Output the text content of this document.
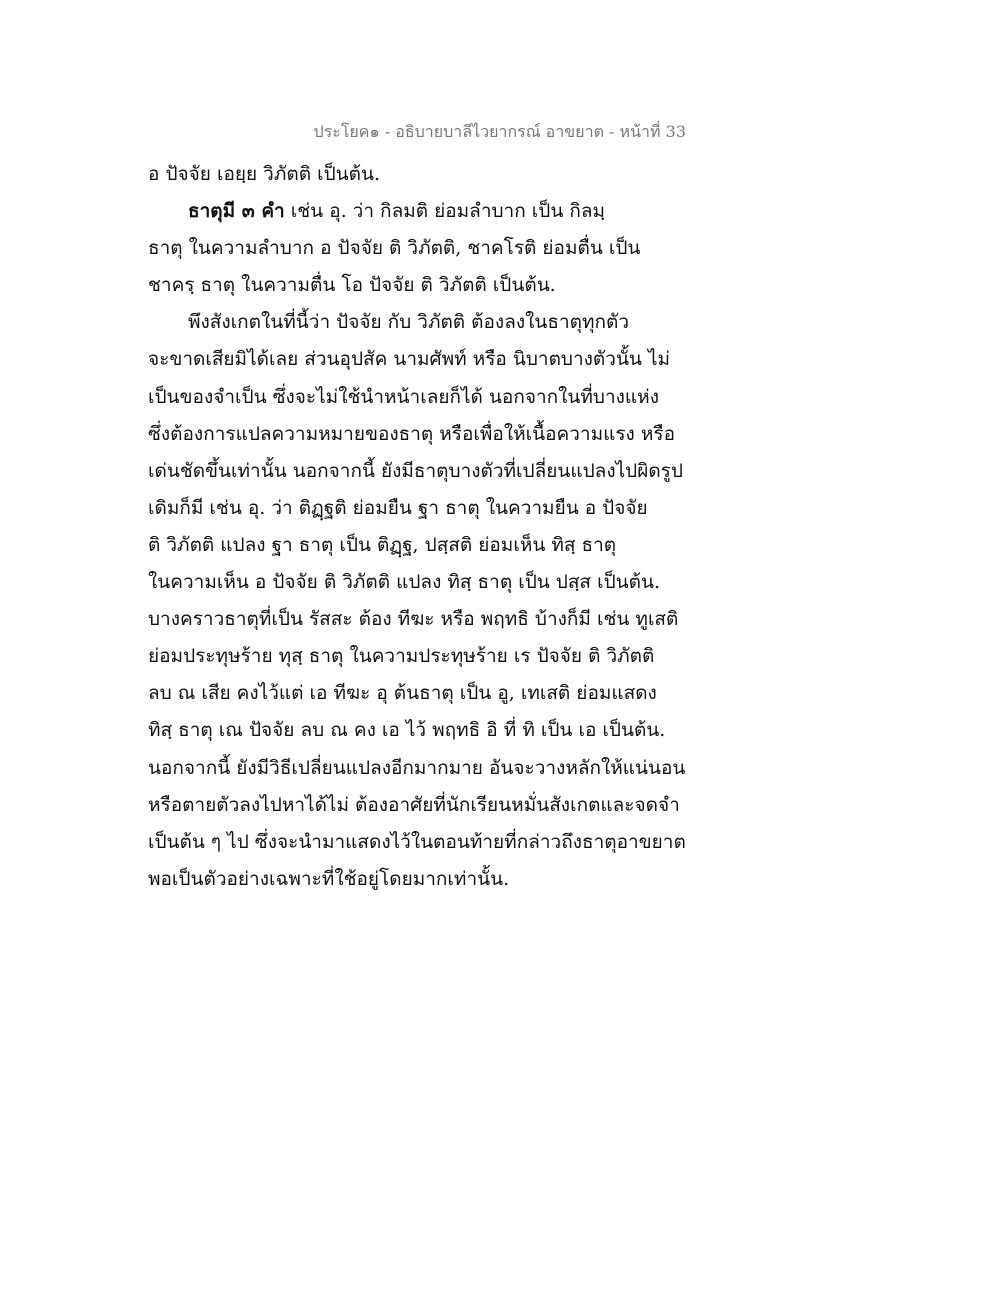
ประโยค๑ - อธิบายบาลีไวยากรณ์ อาขยาต - หน้าที่ 33
อ ปัจจัย เอยฺย วิภัตติ เป็นต้น.
ธาตุมี ๓ คำ เช่น อุ. ว่า กิลมติ ย่อมลำบาก เป็น กิลมฺ
ธาตุ ในความลำบาก อ ปัจจัย ติ วิภัตติ, ชาคโรติ ย่อมตื่น เป็น
ชาครฺ ธาตุ ในความตื่น โอ ปัจจัย ติ วิภัตติ เป็นต้น.
พึงสังเกตในที่นี้ว่า ปัจจัย กับ วิภัตติ ต้องลงในธาตุทุกตัว
จะขาดเสียมิได้เลย ส่วนอุปสัค นามศัพท์ หรือ นิบาตบางตัวนั้น ไม่
เป็นของจำเป็น ซึ่งจะไม่ใช้นำหน้าเลยก็ได้ นอกจากในที่บางแห่ง
ซึ่งต้องการแปลความหมายของธาตุ หรือเพื่อให้เนื้อความแรง หรือ
เด่นชัดขึ้นเท่านั้น นอกจากนี้ ยังมีธาตุบางตัวที่เปลี่ยนแปลงไปผิดรูป
เดิมก็มี เช่น อุ. ว่า ติฏฺฐติ ย่อมยืน ฐา ธาตุ ในความยืน อ ปัจจัย
ติ วิภัตติ แปลง ฐา ธาตุ เป็น ติฏฺฐ, ปสฺสติ ย่อมเห็น ทิสฺ ธาตุ
ในความเห็น อ ปัจจัย ติ วิภัตติ แปลง ทิสฺ ธาตุ เป็น ปสฺส เป็นต้น.
บางคราวธาตุที่เป็น รัสสะ ต้อง ทีฆะ หรือ พฤทธิ บ้างก็มี เช่น ทูเสติ
ย่อมประทุษร้าย ทุสฺ ธาตุ ในความประทุษร้าย เร ปัจจัย ติ วิภัตติ
ลบ ณ เสีย คงไว้แต่ เอ ทีฆะ อุ ต้นธาตุ เป็น อู, เทเสติ ย่อมแสดง
ทิสฺ ธาตุ เณ ปัจจัย ลบ ณ คง เอ ไว้ พฤทธิ อิ ที่ ทิ เป็น เอ เป็นต้น.
นอกจากนี้ ยังมีวิธีเปลี่ยนแปลงอีกมากมาย อันจะวางหลักให้แน่นอน
หรือตายตัวลงไปหาได้ไม่ ต้องอาศัยที่นักเรียนหมั่นสังเกตและจดจำ
เป็นต้น ๆ ไป ซึ่งจะนำมาแสดงไว้ในตอนท้ายที่กล่าวถึงธาตุอาขยาต
พอเป็นตัวอย่างเฉพาะที่ใช้อยู่โดยมากเท่านั้น.
